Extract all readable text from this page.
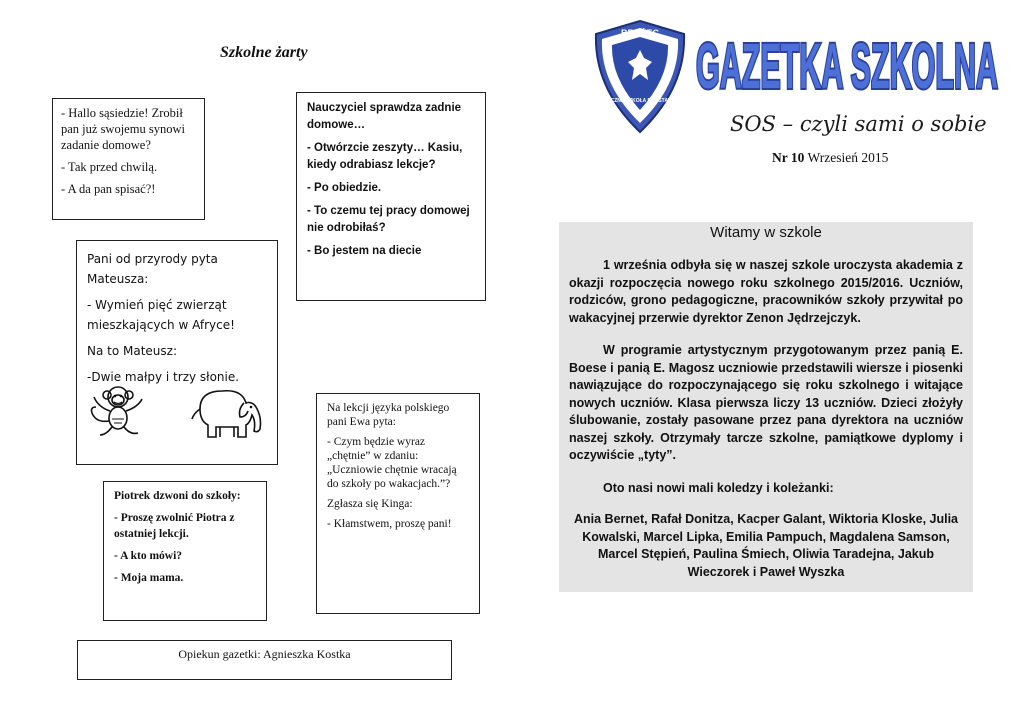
Szkolne żarty

- Hallo sąsiedzie! Zrobił pan już swojemu synowi zadanie domowe?

- Tak przed chwilą.

- A da pan spisać?!

Nauczyciel sprawdza zadnie domowe…

- Otwórzcie zeszyty… Kasiu, kiedy odrabiasz lekcje?

- Po obiedzie.

- To czemu tej pracy domowej nie odrobiłaś?

- Bo jestem na diecie

Pani od przyrody pyta Mateusza:

- Wymień pięć zwierząt mieszkających w Afryce!

Na to Mateusz:

-Dwie małpy i trzy słonie.

Na lekcji języka polskiego pani Ewa pyta:

- Czym będzie wyraz „chętnie” w zdaniu: „Uczniowie chętnie wracają do szkoły po wakacjach.”?

Zgłasza się Kinga:

- Kłamstwem, proszę pani!

Piotrek dzwoni do szkoły:

- Proszę zwolnić Piotra z ostatniej lekcji.

- A kto mówi?

- Moja mama.

Opiekun gazetki: Agnieszka Kostka
BROŻEC
PUBLICZNA SZKOŁA PODSTAWOWA GAZETKA SZKOLNA
GAZETKA SZKOLNA
SOS – czyli sami o sobie
Nr 10 Wrzesień 2015
Witamy w szkole

1 września odbyła się w naszej szkole uroczysta akademia z okazji rozpoczęcia nowego roku szkolnego 2015/2016. Uczniów, rodziców, grono pedagogiczne, pracowników szkoły przywitał po wakacyjnej przerwie dyrektor Zenon Jędrzejczyk.

W programie artystycznym przygotowanym przez panią E. Boese i panią E. Magosz uczniowie przedstawili wiersze i piosenki nawiązujące do rozpoczynającego się roku szkolnego i witające nowych uczniów. Klasa pierwsza liczy 13 uczniów. Dzieci złożyły ślubowanie, zostały pasowane przez pana dyrektora na uczniów naszej szkoły. Otrzymały tarcze szkolne, pamiątkowe dyplomy i oczywiście „tyty”.

Oto nasi nowi mali koledzy i koleżanki:

Ania Bernet, Rafał Donitza, Kacper Galant, Wiktoria Kloske, Julia Kowalski, Marcel Lipka, Emilia Pampuch, Magdalena Samson, Marcel Stępień, Paulina Śmiech, Oliwia Taradejna, Jakub Wieczorek i Paweł Wyszka
